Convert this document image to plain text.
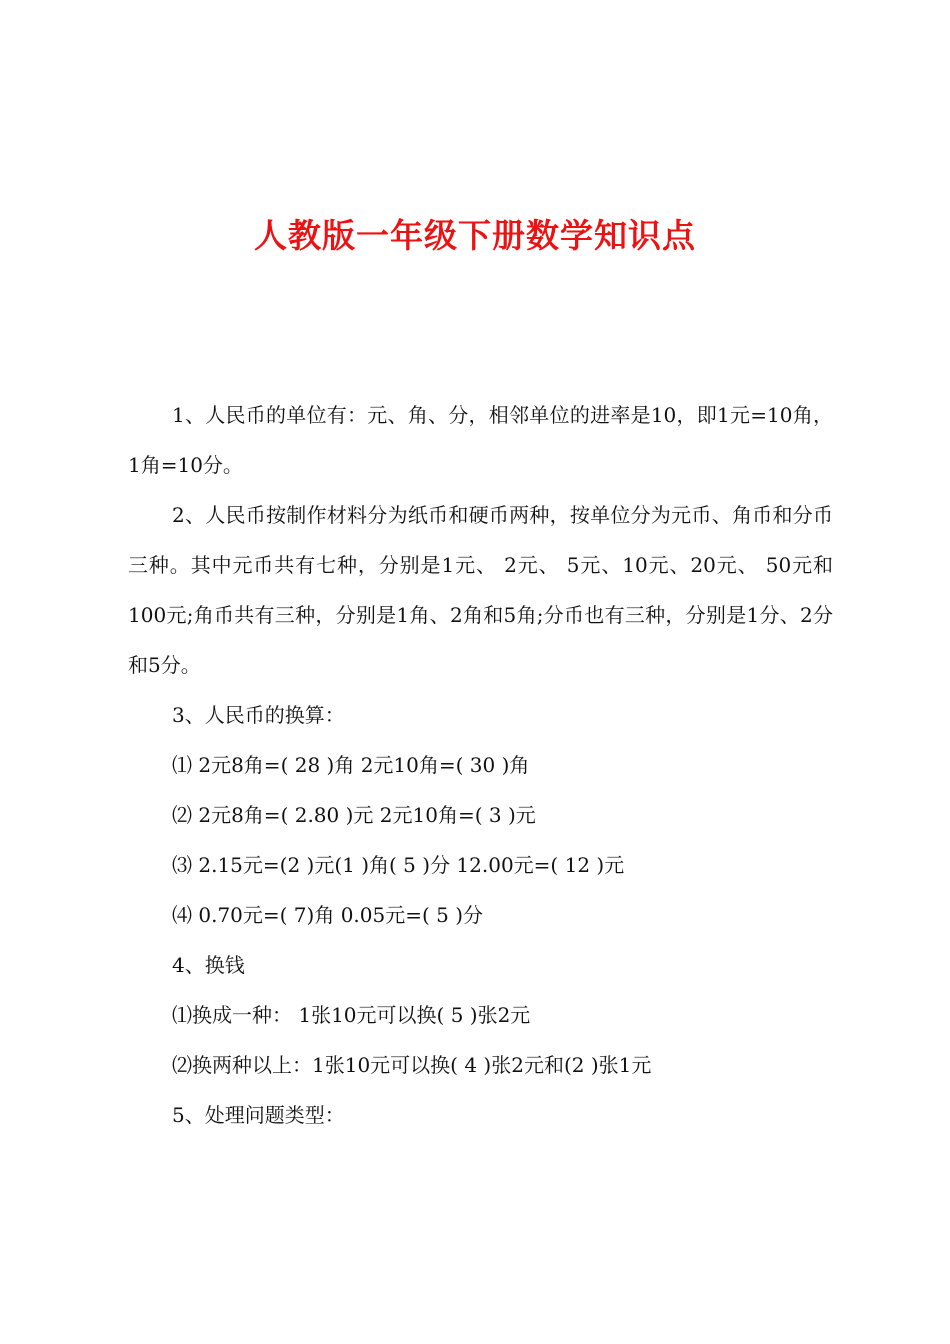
人教版一年级下册数学知识点

1、人民币的单位有：元、角、分，相邻单位的进率是10，即1元=10角，1角=10分。

2、人民币按制作材料分为纸币和硬币两种，按单位分为元币、角币和分币三种。其中元币共有七种，分别是1元、 2元、 5元、10元、20元、 50元和100元;角币共有三种，分别是1角、2角和5角;分币也有三种，分别是1分、2分和5分。

3、人民币的换算：

⑴ 2元8角=( 28 )角 2元10角=( 30 )角

⑵ 2元8角=( 2.80 )元 2元10角=( 3 )元

⑶ 2.15元=(2 )元(1 )角( 5 )分 12.00元=( 12 )元

⑷ 0.70元=( 7)角 0.05元=( 5 )分

4、换钱

⑴换成一种： 1张10元可以换( 5 )张2元

⑵换两种以上：1张10元可以换( 4 )张2元和(2 )张1元

5、处理问题类型：
